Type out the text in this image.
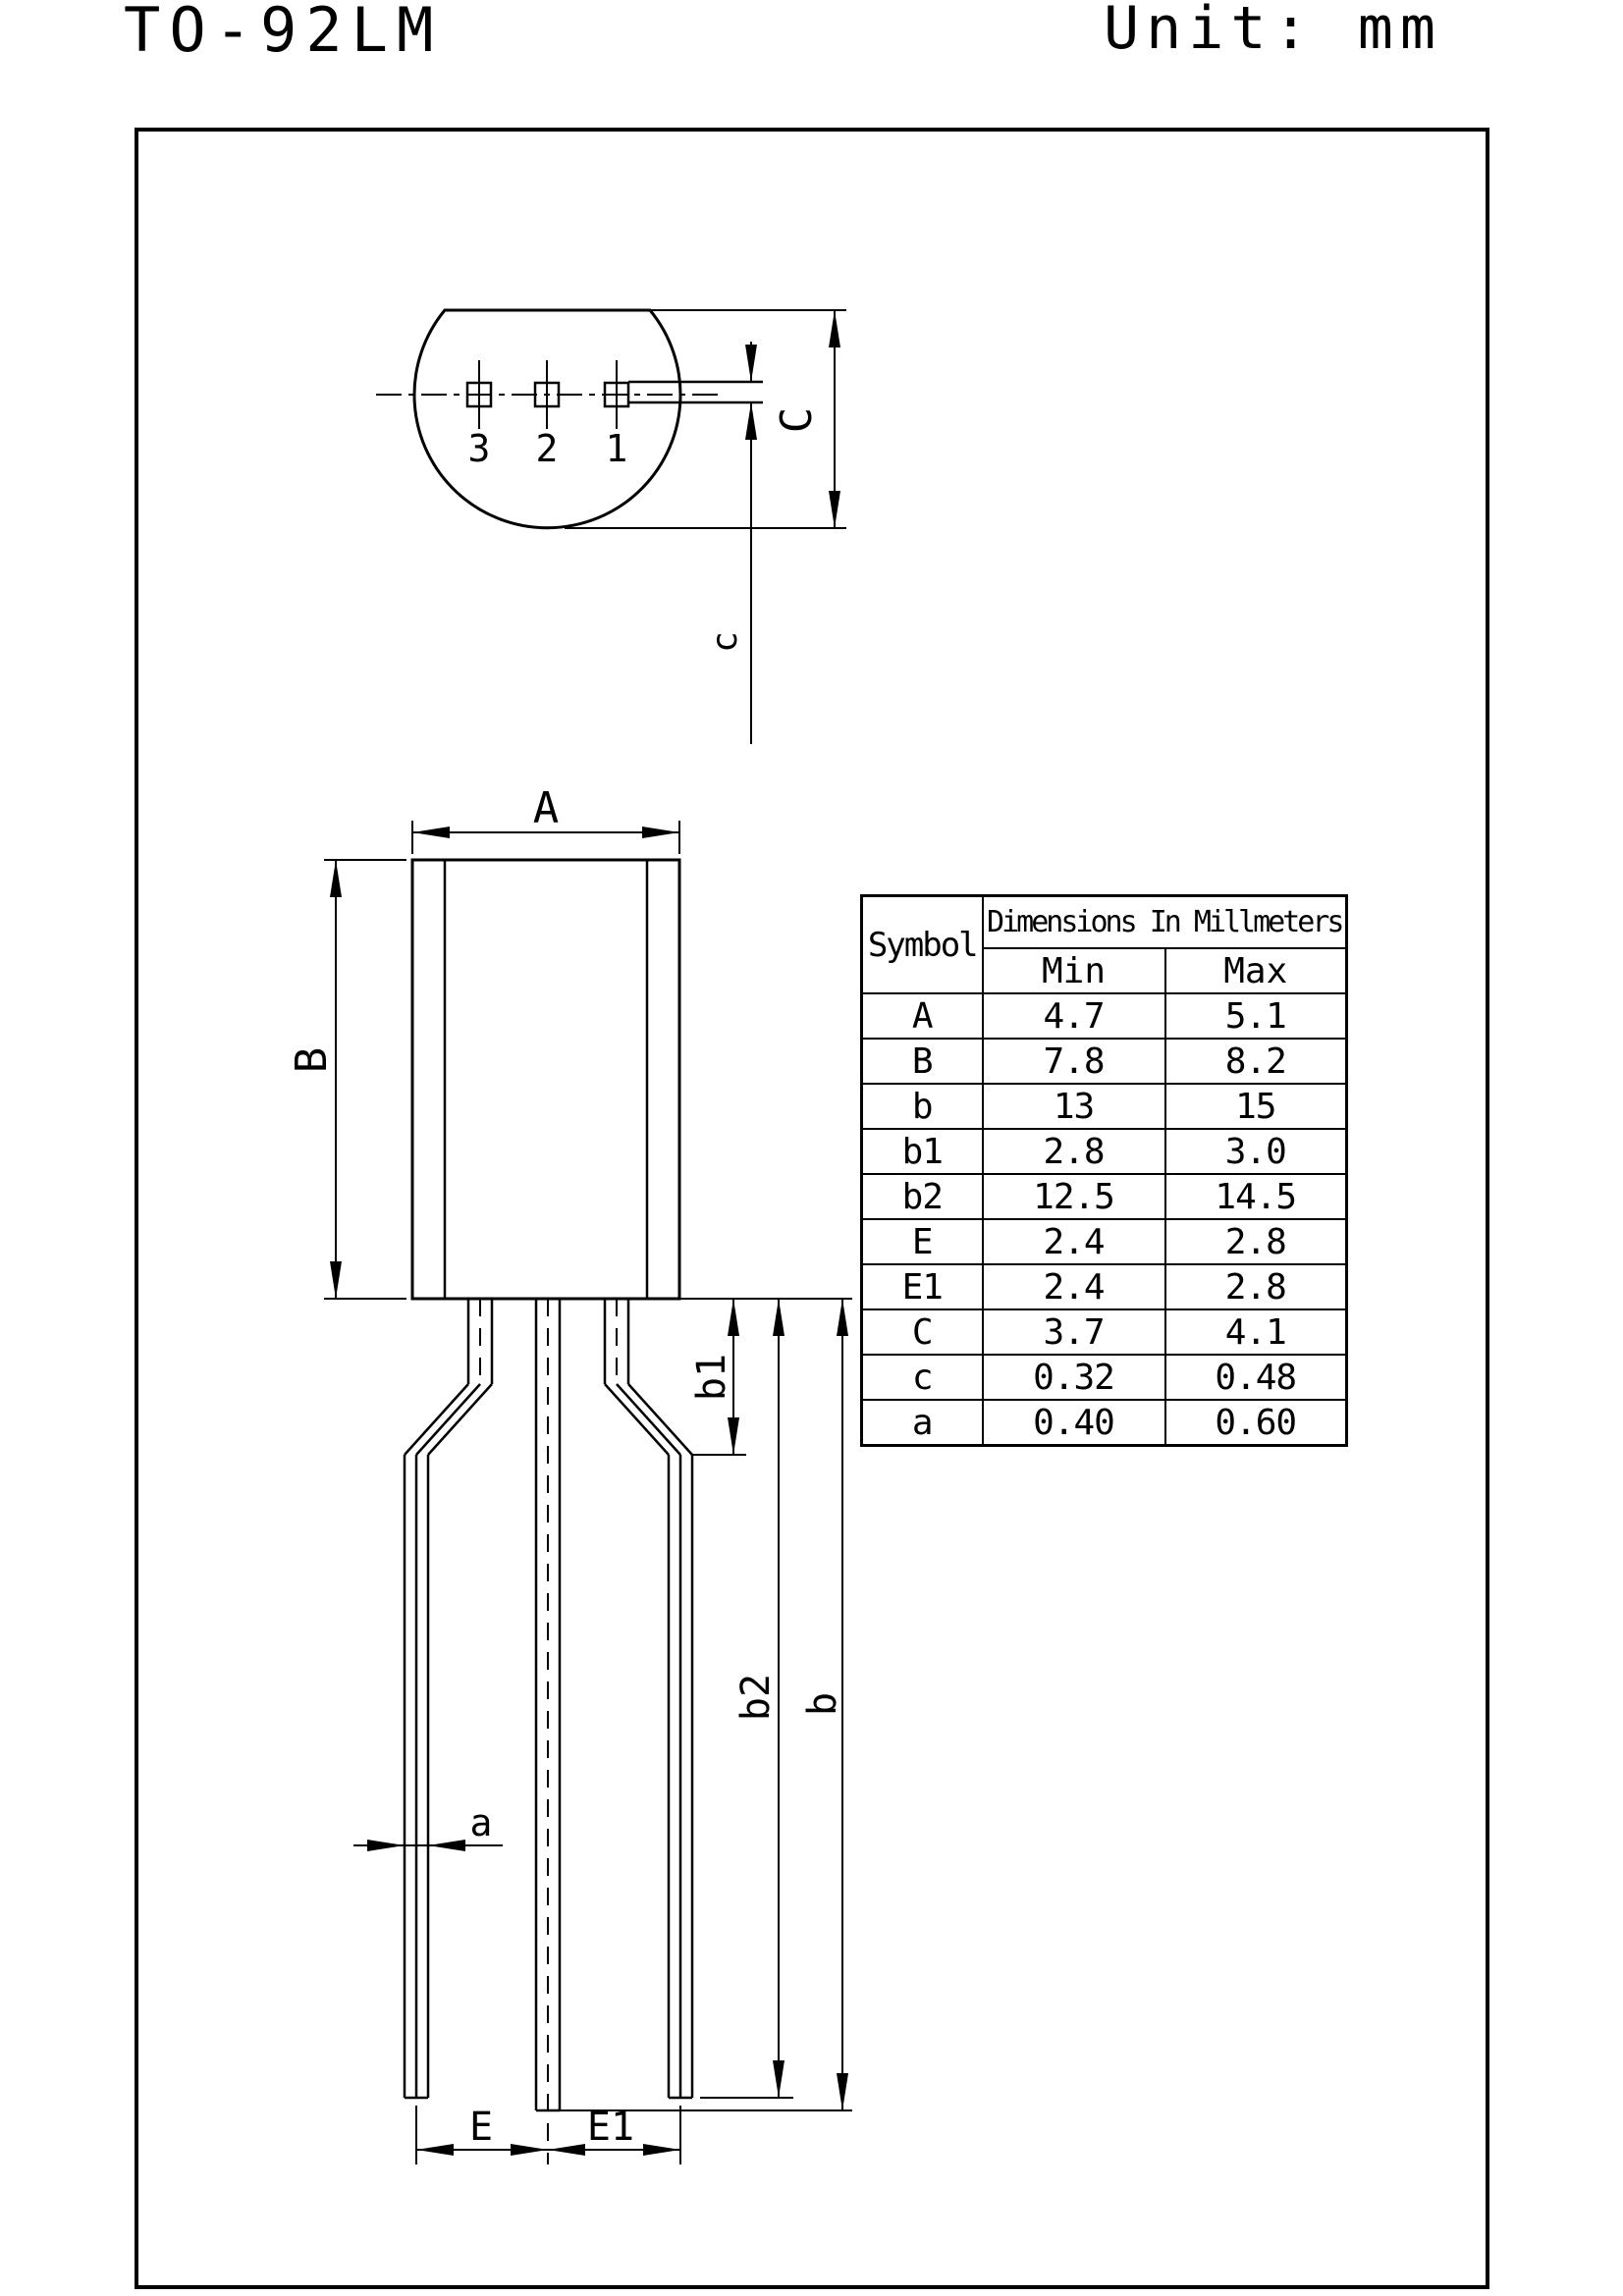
TO-92LM	Unit: mm
3 2 1
C
c
A
B
b1
b2 b
a
E E1
Symbol	Dimensions In Millmeters	
	Min	Max
A	4.7	5.1
B	7.8	8.2
b	13	15
b1	2.8	3.0
b2	12.5	14.5
E	2.4	2.8
E1	2.4	2.8
C	3.7	4.1
c	0.32	0.48
a	0.40	0.60
